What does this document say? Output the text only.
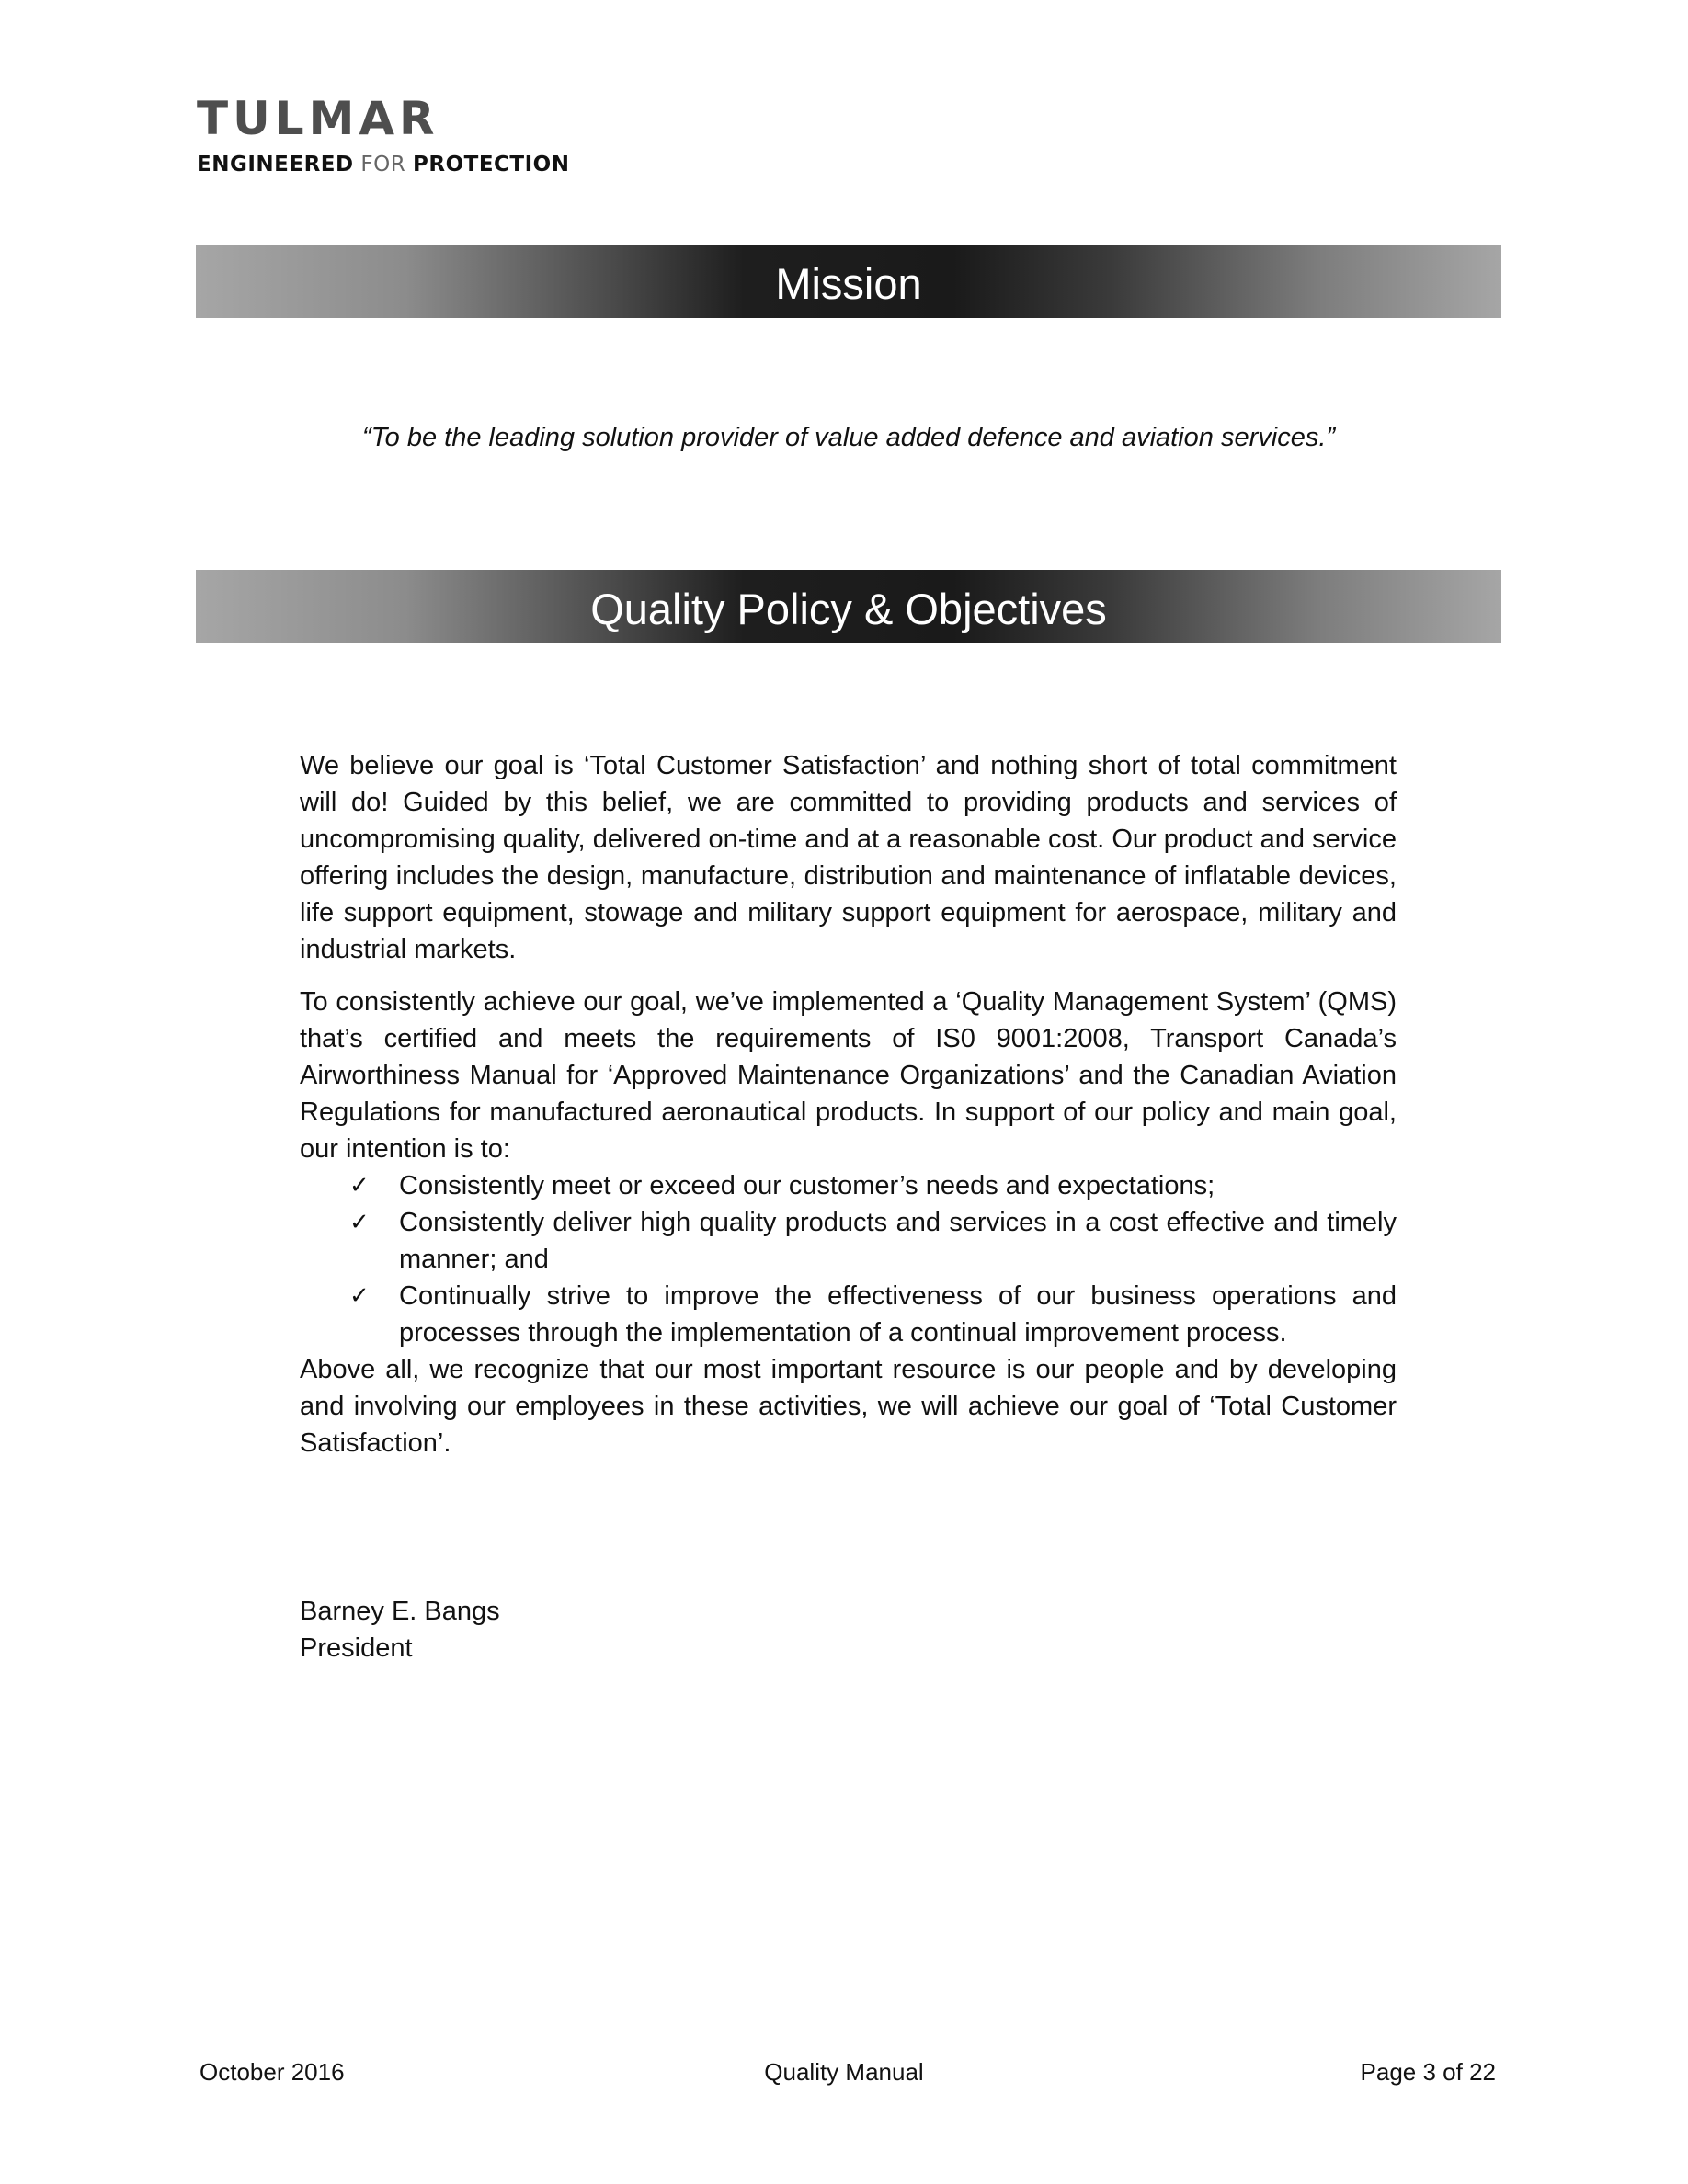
TULMAR
ENGINEERED FOR PROTECTION
Mission
“To be the leading solution provider of value added defence and aviation services.”
Quality Policy & Objectives

We believe our goal is ‘Total Customer Satisfaction’ and nothing short of total commitment will do! Guided by this belief, we are committed to providing products and services of uncompromising quality, delivered on-time and at a reasonable cost. Our product and service offering includes the design, manufacture, distribution and maintenance of inflatable devices, life support equipment, stowage and military support equipment for aerospace, military and industrial markets.

To consistently achieve our goal, we’ve implemented a ‘Quality Management System’ (QMS) that’s certified and meets the requirements of IS0 9001:2008, Transport Canada’s Airworthiness Manual for ‘Approved Maintenance Organizations’ and the Canadian Aviation Regulations for manufactured aeronautical products. In support of our policy and main goal, our intention is to:

✓ Consistently meet or exceed our customer’s needs and expectations;
✓ Consistently deliver high quality products and services in a cost effective and timely manner; and
✓ Continually strive to improve the effectiveness of our business operations and processes through the implementation of a continual improvement process.

Above all, we recognize that our most important resource is our people and by developing and involving our employees in these activities, we will achieve our goal of ‘Total Customer Satisfaction’.

Barney E. Bangs
President
October 2016	Quality Manual	Page 3 of 22
